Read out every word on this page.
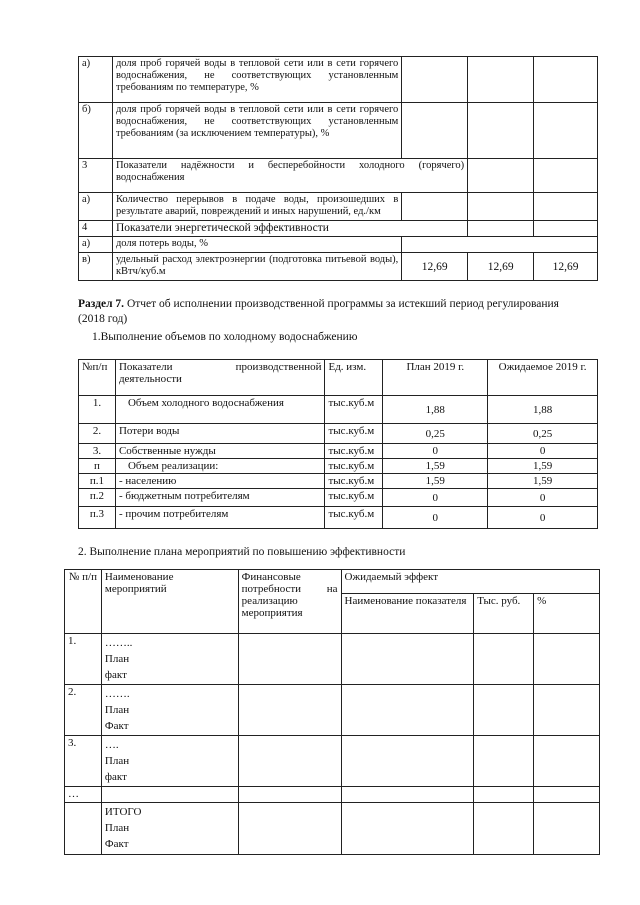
а)	доля проб горячей воды в тепловой сети или в сети горячего водоснабжения, не соответствующих установленным требованиям по температуре, %			
б)	доля проб горячей воды в тепловой сети или в сети горячего водоснабжения, не соответствующих установленным требованиям (за исключением температуры), %			
3	Показатели надёжности и бесперебойности холодного (горячего) водоснабжения			
а)	Количество перерывов в подаче воды, произошедших в результате аварий, повреждений и иных нарушений, ед./км			
4	Показатели энергетической эффективности			
а)	доля потерь воды, %			
в)	удельный расход электроэнергии (подготовка питьевой воды), кВтч/куб.м	12,69	12,69	12,69
Раздел 7. Отчет об исполнении производственной программы за истекший период регулирования
(2018 год)
1.Выполнение объемов по холодному водоснабжению
№п/п	Показатели производственной деятельности	Ед. изм.	План 2019 г.	Ожидаемое 2019 г.
1.	Объем холодного водоснабжения	тыс.куб.м	1,88	1,88
2.	Потери воды	тыс.куб.м	0,25	0,25
3.	Собственные нужды	тыс.куб.м	0	0
п	Объем реализации:	тыс.куб.м	1,59	1,59
п.1	- населению	тыс.куб.м	1,59	1,59
п.2	- бюджетным потребителям	тыс.куб.м	0	0
п.3	- прочим потребителям	тыс.куб.м	0	0
2. Выполнение плана мероприятий по повышению эффективности
№ п/п	Наименование мероприятий	Финансовые потребности на реализацию мероприятия	Ожидаемый эффект		
			Наименование показателя	Тыс. руб.	%
1.	……..
План
факт				

2.	…….
План
Факт				

3.	….
План
факт				

…					

	ИТОГО
План
Факт				
